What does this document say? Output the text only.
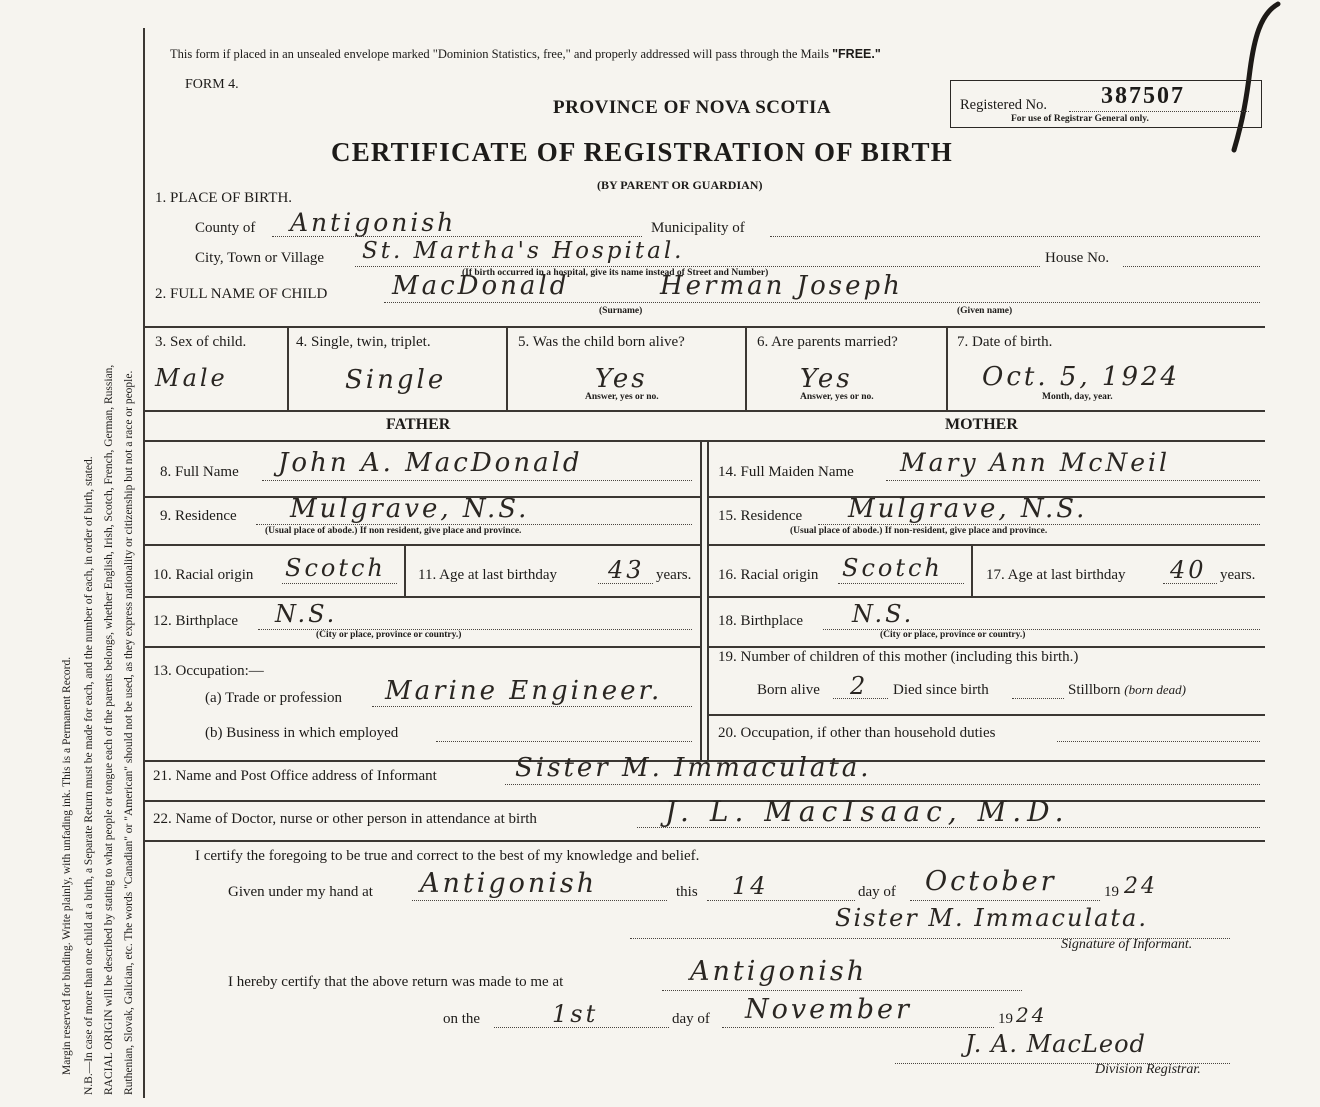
Margin reserved for binding. Write plainly, with unfading ink. This is a Permanent Record. N.B.—In case of more than one child at a birth, a Separate Return must be made for each, and the number of each, in order of birth, stated. RACIAL ORIGIN will be described by stating to what people or tongue each of the parents belongs, whether English, Irish, Scotch, French, German, Russian, Ruthenian, Slovak, Galician, etc. The words "Canadian" or "American" should not be used, as they express nationality or citizenship but not a race or people.
This form if placed in an unsealed envelope marked "Dominion Statistics, free," and properly addressed will pass through the Mails "FREE."
FORM 4.
PROVINCE OF NOVA SCOTIA	Registered No. 387507
For use of Registrar General only.
CERTIFICATE OF REGISTRATION OF BIRTH
(BY PARENT OR GUARDIAN)
1. PLACE OF BIRTH.
County of Antigonish	Municipality of
City, Town or Village St. Martha's Hospital.
(If birth occurred in a hospital, give its name instead of Street and Number)
House No.
2. FULL NAME OF CHILD MacDonald	Herman Joseph
(Surname)	(Given name)
3. Sex of child.
Male
4. Single, twin, triplet.
Single
5. Was the child born alive?
Yes
Answer, yes or no.
6. Are parents married?
Yes
Answer, yes or no.
7. Date of birth.
Oct. 5, 1924
Month, day, year.
FATHER	MOTHER
8. Full Name John A. MacDonald
9. Residence Mulgrave, N.S.
(Usual place of abode.) If non resident, give place and province.
10. Racial origin Scotch 11. Age at last birthday 43 years.
12. Birthplace N.S.
(City or place, province or country.)
13. Occupation:—
(a) Trade or profession Marine Engineer.
(b) Business in which employed
14. Full Maiden Name Mary Ann McNeil
15. Residence Mulgrave, N.S.
(Usual place of abode.) If non-resident, give place and province.
16. Racial origin Scotch	17. Age at last birthday 40 years.
18. Birthplace N.S.
(City or place, province or country.)
19. Number of children of this mother (including this birth.)
Born alive 2 Died since birth	Stillborn (born dead)
20. Occupation, if other than household duties
21. Name and Post Office address of Informant	Sister M. Immaculata.
22. Name of Doctor, nurse or other person in attendance at birth	J. L. MacIsaac, M.D.
I certify the foregoing to be true and correct to the best of my knowledge and belief.
Given under my hand at Antigonish	this 14	day of October	19 24
Sister M. Immaculata.
Signature of Informant.
I hereby certify that the above return was made to me at	Antigonish
on the	1st	day of November	19 24
J. A. MacLeod
Division Registrar.
